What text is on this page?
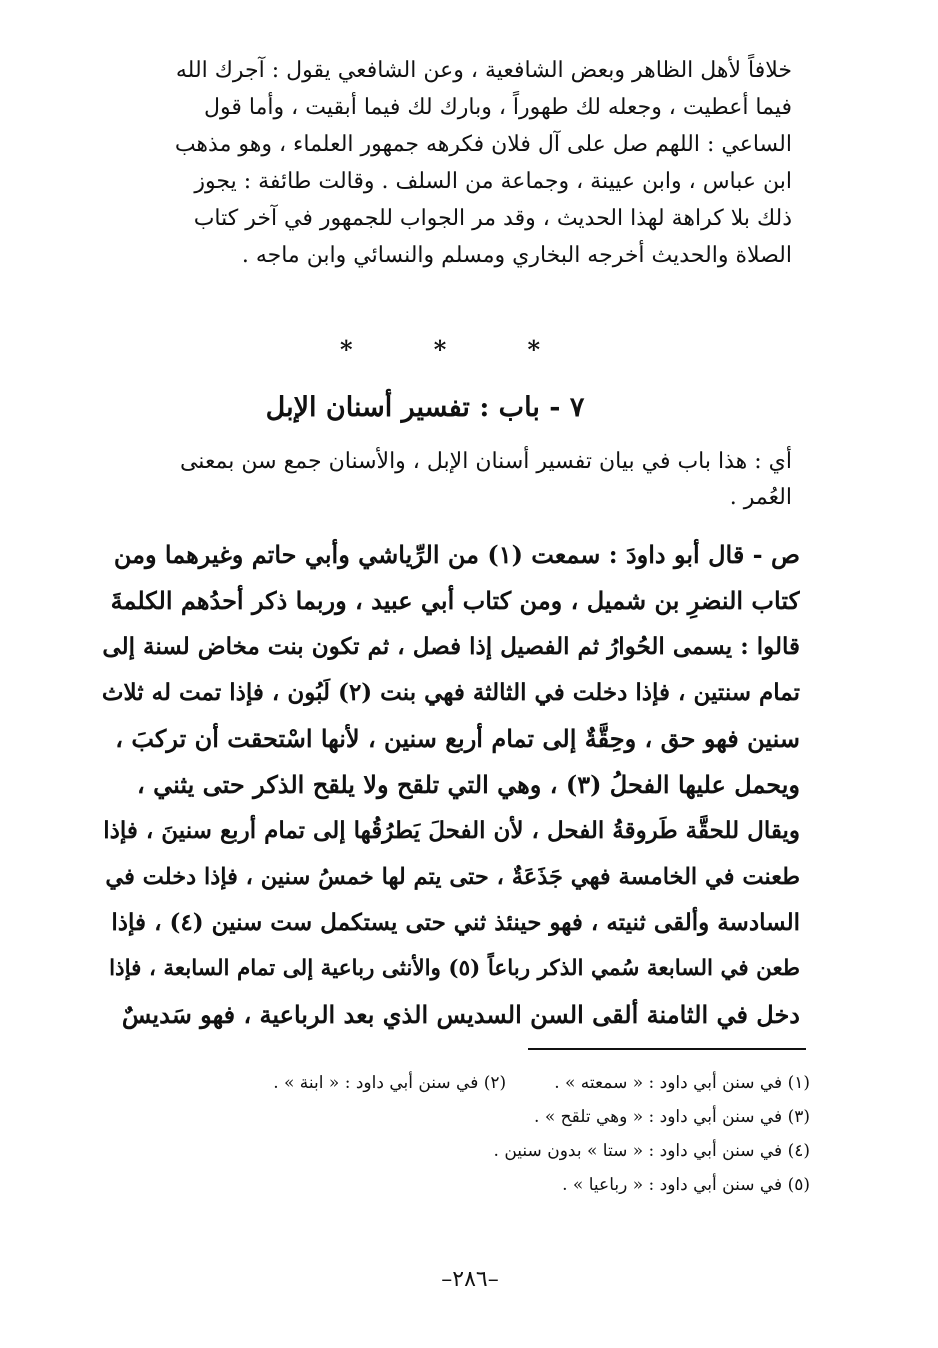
خلافاً لأهل الظاهر وبعض الشافعية ، وعن الشافعي يقول : آجرك الله
فيما أعطيت ، وجعله لك طهوراً ، وبارك لك فيما أبقيت ، وأما قول
الساعي : اللهم صل على آل فلان فكرهه جمهور العلماء ، وهو مذهب
ابن عباس ، وابن عيينة ، وجماعة من السلف . وقالت طائفة : يجوز
ذلك بلا كراهة لهذا الحديث ، وقد مر الجواب للجمهور في آخر كتاب
الصلاة والحديث أخرجه البخاري ومسلم والنسائي وابن ماجه .
*
*
*
٧ - باب : تفسير أسنان الإبل
أي : هذا باب في بيان تفسير أسنان الإبل ، والأسنان جمع سن بمعنى
العُمر .
ص - قال أبو داودَ : سمعت (١) من الرِّياشي وأبي حاتم وغيرهما ومن
كتاب النضرِ بن شميل ، ومن كتاب أبي عبيد ، وربما ذكر أحدُهم الكلمةَ
قالوا : يسمى الحُوارُ ثم الفصيل إذا فصل ، ثم تكون بنت مخاض لسنة إلى
تمام سنتين ، فإذا دخلت في الثالثة فهي بنت (٢) لَبُون ، فإذا تمت له ثلاث
سنين فهو حق ، وحِقَّةٌ إلى تمام أربع سنين ، لأنها اسْتحقت أن تركبَ ،
ويحمل عليها الفحلُ (٣) ، وهي التي تلقح ولا يلقح الذكر حتى يثني ،
ويقال للحقَّة طَروقةُ الفحل ، لأن الفحلَ يَطرُقُها إلى تمام أربع سنينَ ، فإذا
طعنت في الخامسة فهي جَذَعَةٌ ، حتى يتم لها خمسُ سنين ، فإذا دخلت في
السادسة وألقى ثنيته ، فهو حينئذ ثني حتى يستكمل ست سنين (٤) ، فإذا
طعن في السابعة سُمي الذكر رباعاً (٥) والأنثى رباعية إلى تمام السابعة ، فإذا
دخل في الثامنة ألقى السن السديس الذي بعد الرباعية ، فهو سَديسٌ
(١) في سنن أبي داود : « سمعته » .
(٢) في سنن أبي داود : « ابنة » .
(٣) في سنن أبي داود : « وهي تلقح » .
(٤) في سنن أبي داود : « ستا » بدون سنين .
(٥) في سنن أبي داود : « رباعيا » .
–٢٨٦–
